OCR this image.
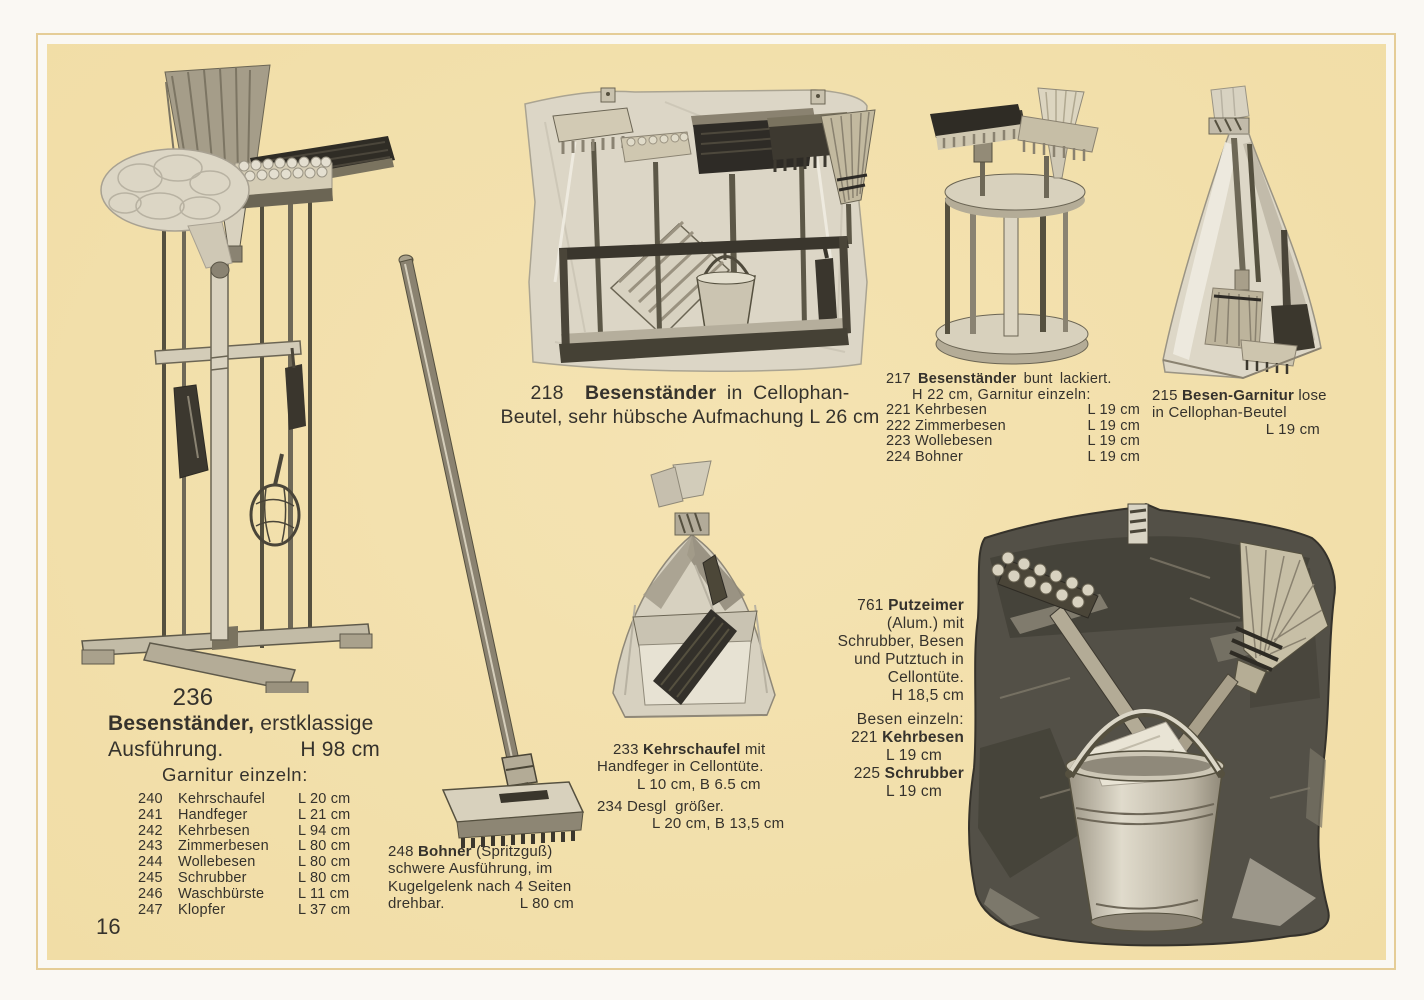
236
Besenständer, erstklassige
Ausführung.	H 98 cm
Garnitur einzeln:
240	Kehrschaufel	L 20 cm
241	Handfeger	L 21 cm
242	Kehrbesen	L 94 cm
243	Zimmerbesen	L 80 cm
244	Wollebesen	L 80 cm
245	Schrubber	L 80 cm
246	Waschbürste	L 11 cm
247	Klopfer	L 37 cm
16
218 Besenständer in Cellophan-
Beutel, sehr hübsche Aufmachung L 26 cm
217 Besenständer bunt lackiert.
H 22 cm, Garnitur einzeln:
221 Kehrbesen	L 19 cm
222 Zimmerbesen	L 19 cm
223 Wollebesen	L 19 cm
224 Bohner	L 19 cm
215 Besen-Garnitur lose
in Cellophan-Beutel
L 19 cm
233 Kehrschaufel mit
Handfeger in Cellontüte.
L 10 cm, B 6.5 cm
234 Desgl  größer.
L 20 cm, B 13,5 cm
248 Bohner (Spritzguß)
schwere Ausführung, im
Kugelgelenk nach 4 Seiten
drehbar.	L 80 cm
761 Putzeimer
(Alum.) mit
Schrubber, Besen
und Putztuch in
Cellontüte.
H 18,5 cm
Besen einzeln:
221 Kehrbesen
L 19 cm
225 Schrubber
L 19 cm
